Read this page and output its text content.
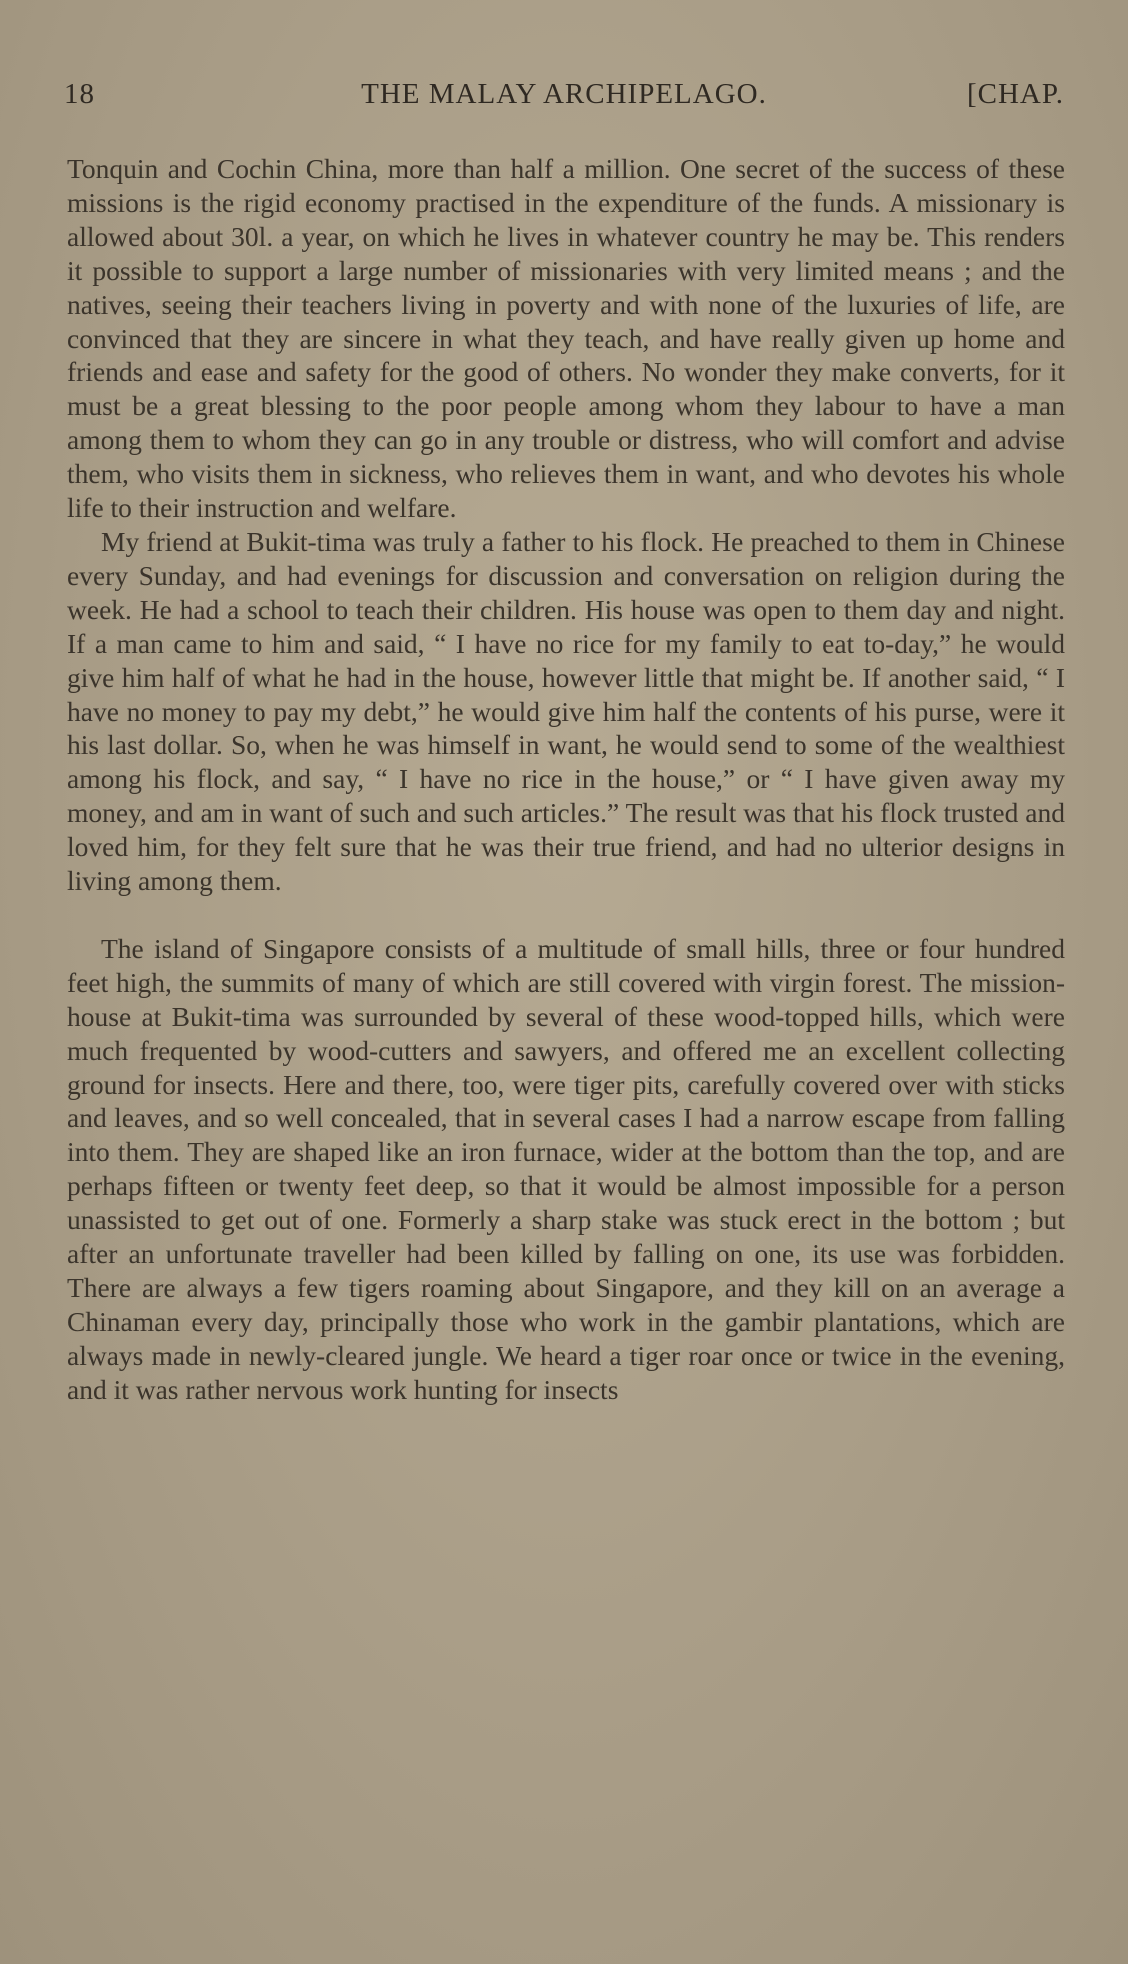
18	THE MALAY ARCHIPELAGO.	[CHAP.

Tonquin and Cochin China, more than half a million. One secret of the success of these missions is the rigid economy practised in the expenditure of the funds. A missionary is allowed about 30l. a year, on which he lives in whatever country he may be. This renders it possible to support a large number of missionaries with very limited means ; and the natives, seeing their teachers living in poverty and with none of the luxuries of life, are convinced that they are sincere in what they teach, and have really given up home and friends and ease and safety for the good of others. No wonder they make converts, for it must be a great blessing to the poor people among whom they labour to have a man among them to whom they can go in any trouble or distress, who will comfort and advise them, who visits them in sickness, who relieves them in want, and who devotes his whole life to their instruction and welfare.

My friend at Bukit-tima was truly a father to his flock. He preached to them in Chinese every Sunday, and had evenings for discussion and conversation on religion during the week. He had a school to teach their children. His house was open to them day and night. If a man came to him and said, “ I have no rice for my family to eat to-day,” he would give him half of what he had in the house, however little that might be. If another said, “ I have no money to pay my debt,” he would give him half the contents of his purse, were it his last dollar. So, when he was himself in want, he would send to some of the wealthiest among his flock, and say, “ I have no rice in the house,” or “ I have given away my money, and am in want of such and such articles.” The result was that his flock trusted and loved him, for they felt sure that he was their true friend, and had no ulterior designs in living among them.

The island of Singapore consists of a multitude of small hills, three or four hundred feet high, the summits of many of which are still covered with virgin forest. The mission-house at Bukit-tima was surrounded by several of these wood-topped hills, which were much frequented by wood-cutters and sawyers, and offered me an excellent collecting ground for insects. Here and there, too, were tiger pits, carefully covered over with sticks and leaves, and so well concealed, that in several cases I had a narrow escape from falling into them. They are shaped like an iron furnace, wider at the bottom than the top, and are perhaps fifteen or twenty feet deep, so that it would be almost impossible for a person unassisted to get out of one. Formerly a sharp stake was stuck erect in the bottom ; but after an unfortunate traveller had been killed by falling on one, its use was forbidden. There are always a few tigers roaming about Singapore, and they kill on an average a Chinaman every day, principally those who work in the gambir plantations, which are always made in newly-cleared jungle. We heard a tiger roar once or twice in the evening, and it was rather nervous work hunting for insects
